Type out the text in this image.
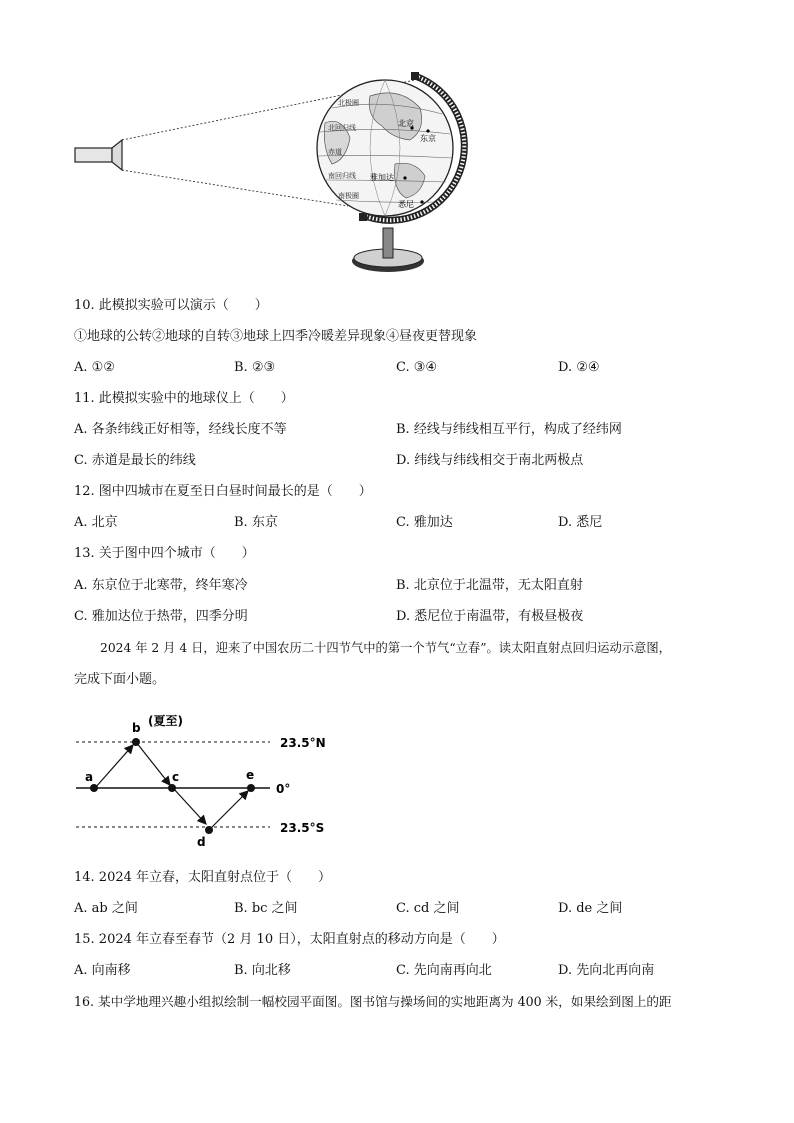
北极圈
北回归线
赤道
南回归线
南极圈
北京
东京
雅加达
悉尼
10. 此模拟实验可以演示（　　）
①地球的公转②地球的自转③地球上四季冷暖差异现象④昼夜更替现象
A. ①②	B. ②③	C. ③④	D. ②④
11. 此模拟实验中的地球仪上（　　）
A. 各条纬线正好相等，经线长度不等	B. 经线与纬线相互平行，构成了经纬网
C. 赤道是最长的纬线	D. 纬线与纬线相交于南北两极点
12. 图中四城市在夏至日白昼时间最长的是（　　）
A. 北京	B. 东京	C. 雅加达	D. 悉尼
13. 关于图中四个城市（　　）
A. 东京位于北寒带，终年寒冷	B. 北京位于北温带，无太阳直射
C. 雅加达位于热带，四季分明	D. 悉尼位于南温带，有极昼极夜
2024 年 2 月 4 日，迎来了中国农历二十四节气中的第一个节气“立春”。读太阳直射点回归运动示意图，
完成下面小题。
a
b
c
d
e
(夏至)
23.5°N
0°
23.5°S
14. 2024 年立春，太阳直射点位于（　　）
A. ab 之间	B. bc 之间	C. cd 之间	D. de 之间
15. 2024 年立春至春节（2 月 10 日），太阳直射点的移动方向是（　　）
A. 向南移	B. 向北移	C. 先向南再向北	D. 先向北再向南
16. 某中学地理兴趣小组拟绘制一幅校园平面图。图书馆与操场间的实地距离为 400 米，如果绘到图上的距
